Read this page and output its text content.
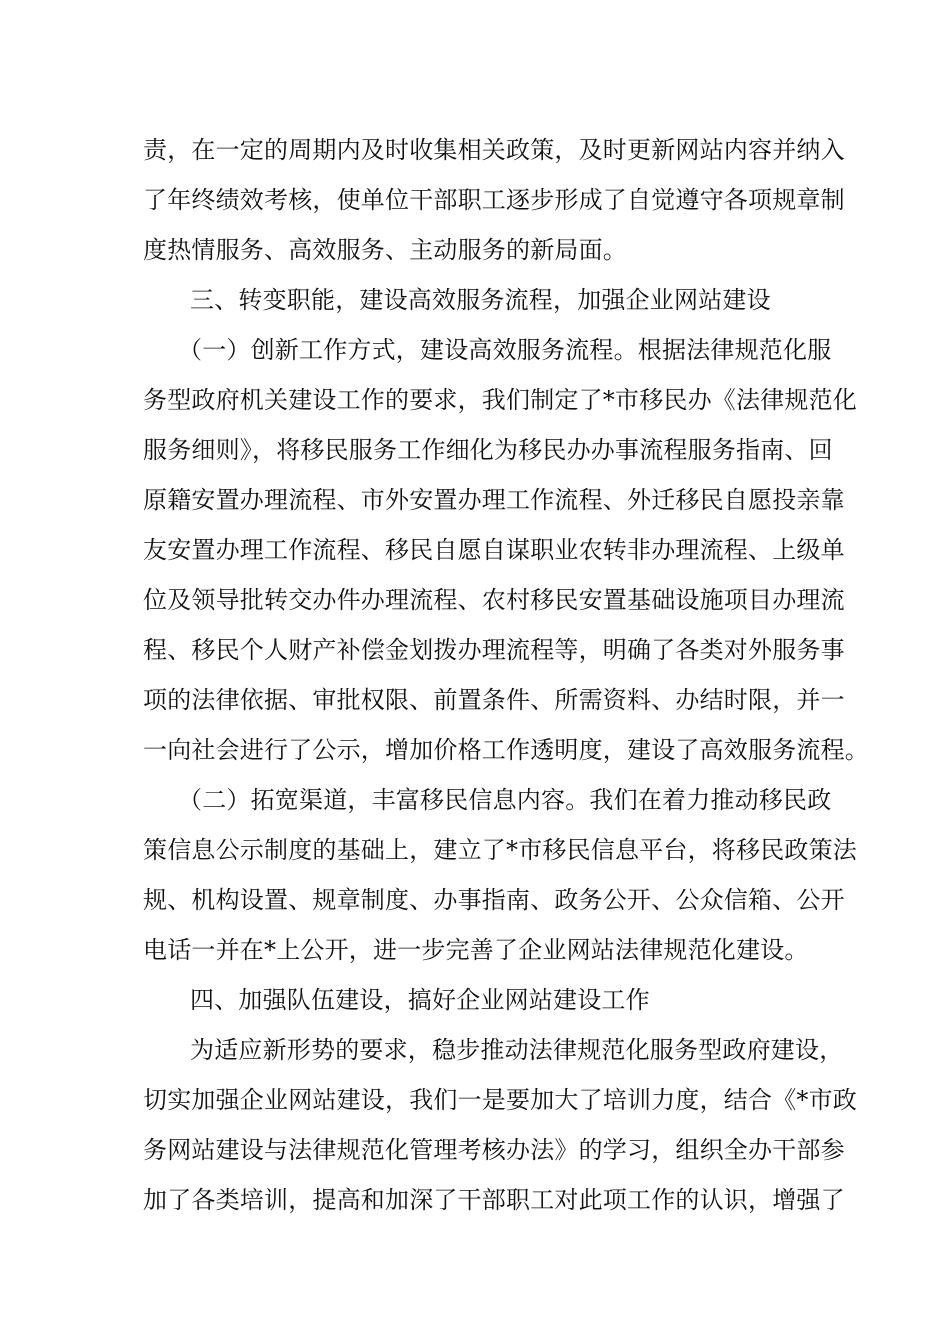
责，在一定的周期内及时收集相关政策，及时更新网站内容并纳入
了年终绩效考核，使单位干部职工逐步形成了自觉遵守各项规章制
度热情服务、高效服务、主动服务的新局面。
三、转变职能，建设高效服务流程，加强企业网站建设
（一）创新工作方式，建设高效服务流程。根据法律规范化服
务型政府机关建设工作的要求，我们制定了*市移民办《法律规范化
服务细则》，将移民服务工作细化为移民办办事流程服务指南、回
原籍安置办理流程、市外安置办理工作流程、外迁移民自愿投亲靠
友安置办理工作流程、移民自愿自谋职业农转非办理流程、上级单
位及领导批转交办件办理流程、农村移民安置基础设施项目办理流
程、移民个人财产补偿金划拨办理流程等，明确了各类对外服务事
项的法律依据、审批权限、前置条件、所需资料、办结时限，并一
一向社会进行了公示，增加价格工作透明度，建设了高效服务流程。
（二）拓宽渠道，丰富移民信息内容。我们在着力推动移民政
策信息公示制度的基础上，建立了*市移民信息平台，将移民政策法
规、机构设置、规章制度、办事指南、政务公开、公众信箱、公开
电话一并在*上公开，进一步完善了企业网站法律规范化建设。
四、加强队伍建设，搞好企业网站建设工作
为适应新形势的要求，稳步推动法律规范化服务型政府建设，
切实加强企业网站建设，我们一是要加大了培训力度，结合《*市政
务网站建设与法律规范化管理考核办法》的学习，组织全办干部参
加了各类培训，提高和加深了干部职工对此项工作的认识，增强了
